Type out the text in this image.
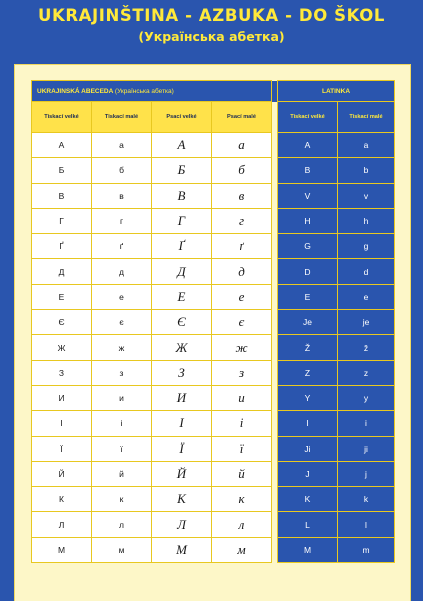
UKRAJINŠTINA - AZBUKA - DO ŠKOL
(Українська абетка)
UKRAJINSKÁ ABECEDA (Українська абетка)					LATINKA	
Tiskací velké	Tiskací malé	Psací velké	Psací malé		Tiskací velké	Tiskací malé
А	а	А	а		A	a
Б	б	Б	б		B	b
В	в	В	в		V	v
Г	г	Г	г		H	h
Ґ	ґ	Ґ	ґ		G	g
Д	д	Д	д		D	d
Е	е	Е	е		E	e
Є	є	Є	є		Je	je
Ж	ж	Ж	ж		Ž	ž
З	з	З	з		Z	z
И	и	И	и		Y	y
І	і	І	і		I	i
Ї	ї	Ї	ї		Ji	ji
Й	й	Й	й		J	j
К	к	К	к		K	k
Л	л	Л	л		L	l
М	м	М	м		M	m
